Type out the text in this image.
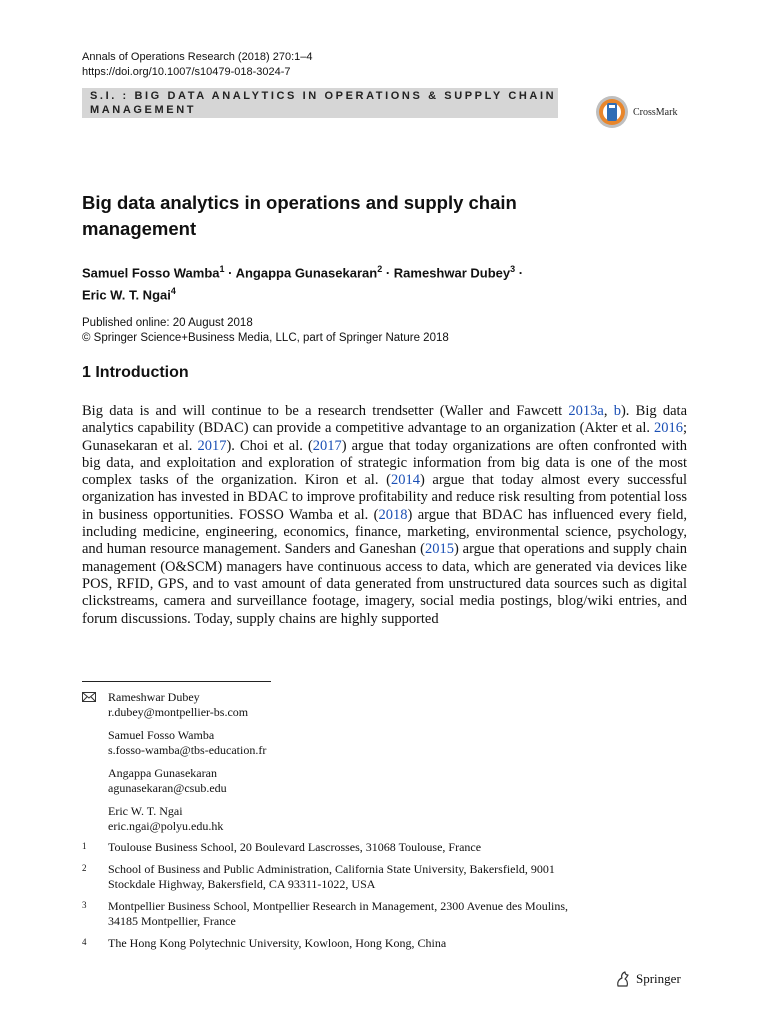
Annals of Operations Research (2018) 270:1–4
https://doi.org/10.1007/s10479-018-3024-7
S.I. : BIG DATA ANALYTICS IN OPERATIONS & SUPPLY CHAIN
MANAGEMENT	CrossMark
Big data analytics in operations and supply chain
management
Samuel Fosso Wamba$^1$ · Angappa Gunasekaran$^2$ · Rameshwar Dubey$^3$ ·
Eric W. T. Ngai$^4$
Published online: 20 August 2018
© Springer Science+Business Media, LLC, part of Springer Nature 2018
1 Introduction
Big data is and will continue to be a research trendsetter (Waller and Fawcett 2013a, b). Big data analytics capability (BDAC) can provide a competitive advantage to an organization (Akter et al. 2016; Gunasekaran et al. 2017). Choi et al. (2017) argue that today organizations are often confronted with big data, and exploitation and exploration of strategic information from big data is one of the most complex tasks of the organization. Kiron et al. (2014) argue that today almost every successful organization has invested in BDAC to improve profitability and reduce risk resulting from potential loss in business opportunities. FOSSO Wamba et al. (2018) argue that BDAC has influenced every field, including medicine, engineering, economics, finance, marketing, environmental science, psychology, and human resource management. Sanders and Ganeshan (2015) argue that operations and supply chain management (O&SCM) managers have continuous access to data, which are generated via devices like POS, RFID, GPS, and to vast amount of data generated from unstructured data sources such as digital clickstreams, camera and surveillance footage, imagery, social media postings, blog/wiki entries, and forum discussions. Today, supply chains are highly supported
Rameshwar Dubey
r.dubey@montpellier-bs.com
Samuel Fosso Wamba
s.fosso-wamba@tbs-education.fr
Angappa Gunasekaran
agunasekaran@csub.edu
Eric W. T. Ngai
eric.ngai@polyu.edu.hk
1	Toulouse Business School, 20 Boulevard Lascrosses, 31068 Toulouse, France
2	School of Business and Public Administration, California State University, Bakersfield, 9001
Stockdale Highway, Bakersfield, CA 93311-1022, USA
3	Montpellier Business School, Montpellier Research in Management, 2300 Avenue des Moulins,
34185 Montpellier, France
4	The Hong Kong Polytechnic University, Kowloon, Hong Kong, China
Springer
